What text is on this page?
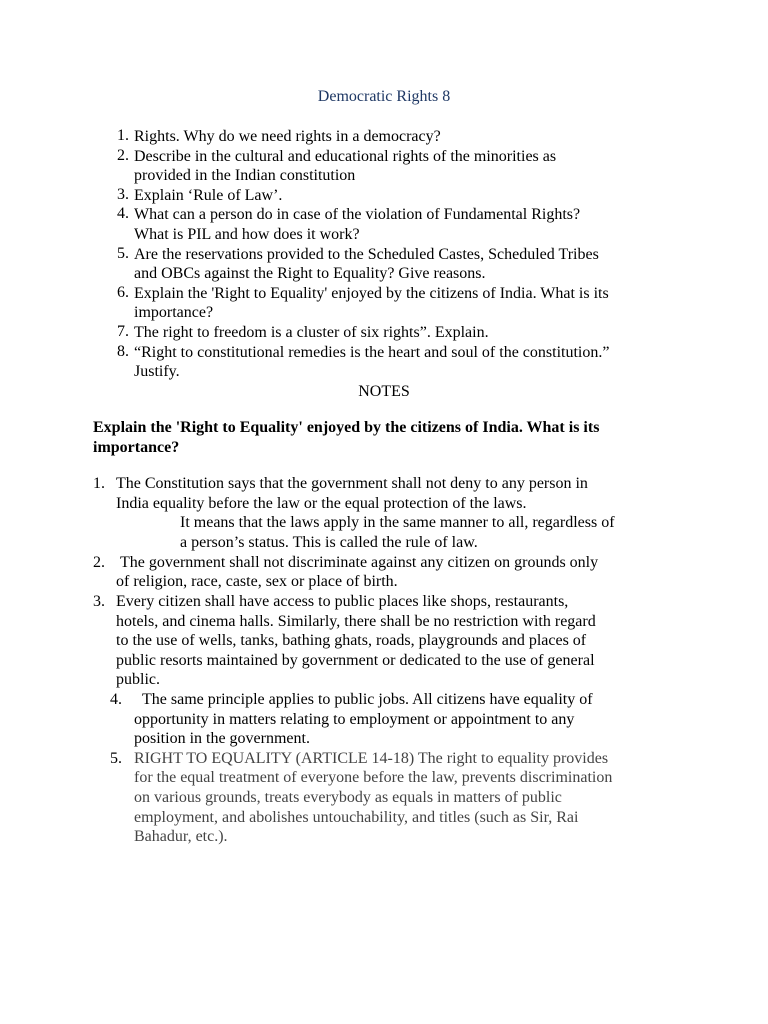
Democratic Rights 8
1. Rights. Why do we need rights in a democracy?
2. Describe in the cultural and educational rights of the minorities as
provided in the Indian constitution
3. Explain ‘Rule of Law’.
4. What can a person do in case of the violation of Fundamental Rights?
What is PIL and how does it work?
5. Are the reservations provided to the Scheduled Castes, Scheduled Tribes
and OBCs against the Right to Equality? Give reasons.
6. Explain the 'Right to Equality' enjoyed by the citizens of India. What is its
importance?
7. The right to freedom is a cluster of six rights”. Explain.
8. “Right to constitutional remedies is the heart and soul of the constitution.”
Justify.
NOTES
Explain the 'Right to Equality' enjoyed by the citizens of India. What is its importance?
1. The Constitution says that the government shall not deny to any person in
India equality before the law or the equal protection of the laws.
It means that the laws apply in the same manner to all, regardless of
a person’s status. This is called the rule of law.
2. The government shall not discriminate against any citizen on grounds only
of religion, race, caste, sex or place of birth.
3. Every citizen shall have access to public places like shops, restaurants,
hotels, and cinema halls. Similarly, there shall be no restriction with regard
to the use of wells, tanks, bathing ghats, roads, playgrounds and places of
public resorts maintained by government or dedicated to the use of general
public.
4. The same principle applies to public jobs. All citizens have equality of
opportunity in matters relating to employment or appointment to any
position in the government.
5. RIGHT TO EQUALITY (ARTICLE 14-18) The right to equality provides
for the equal treatment of everyone before the law, prevents discrimination
on various grounds, treats everybody as equals in matters of public
employment, and abolishes untouchability, and titles (such as Sir, Rai
Bahadur, etc.).
